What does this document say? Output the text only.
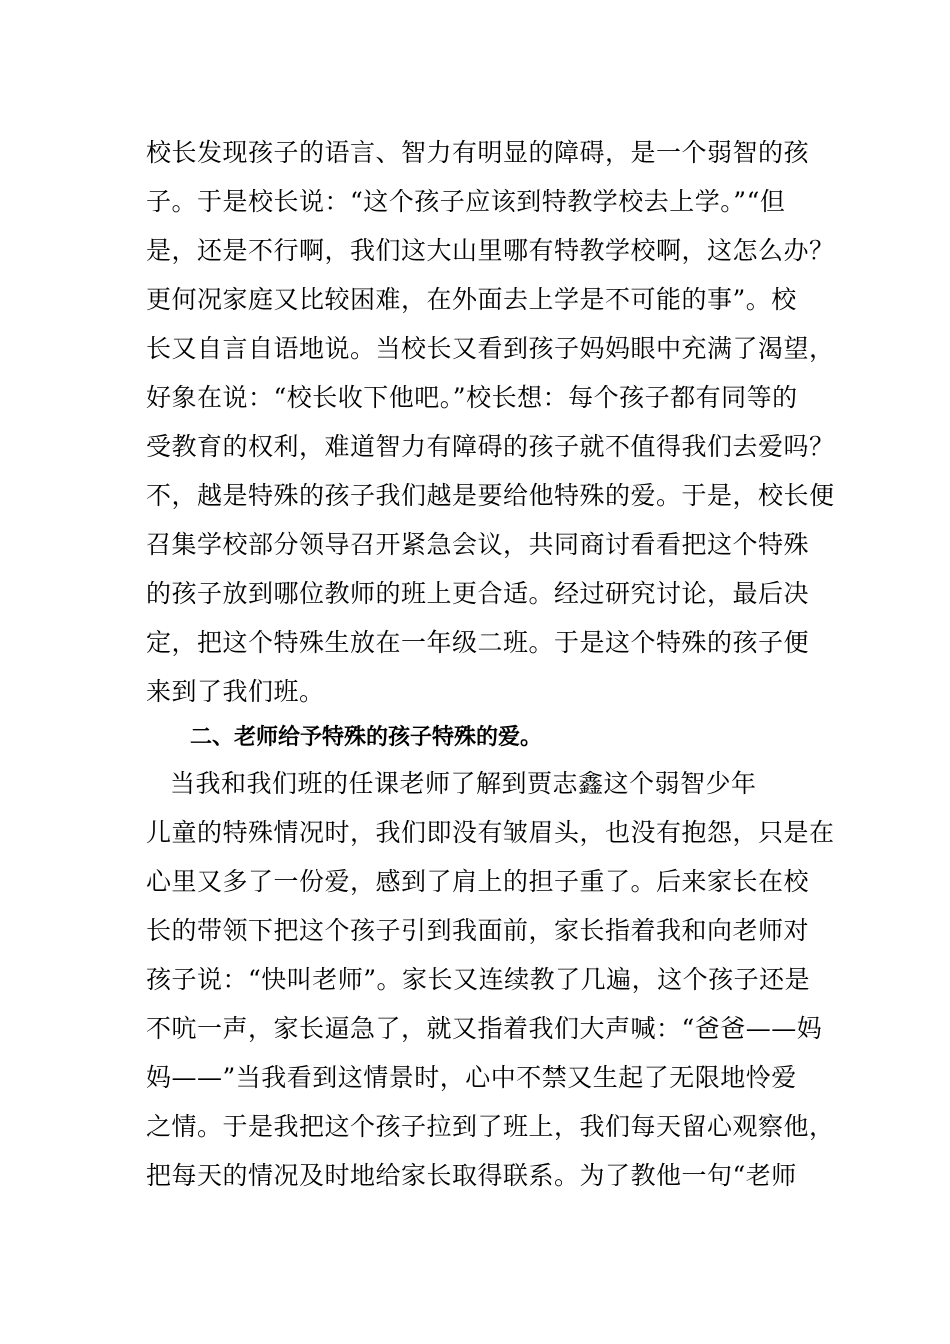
校长发现孩子的语言、智力有明显的障碍，是一个弱智的孩
子。于是校长说：“这个孩子应该到特教学校去上学。”“但
是，还是不行啊，我们这大山里哪有特教学校啊，这怎么办？
更何况家庭又比较困难，在外面去上学是不可能的事”。校
长又自言自语地说。当校长又看到孩子妈妈眼中充满了渴望，
好象在说：“校长收下他吧。”校长想：每个孩子都有同等的
受教育的权利，难道智力有障碍的孩子就不值得我们去爱吗？
不，越是特殊的孩子我们越是要给他特殊的爱。于是，校长便
召集学校部分领导召开紧急会议，共同商讨看看把这个特殊
的孩子放到哪位教师的班上更合适。经过研究讨论，最后决
定，把这个特殊生放在一年级二班。于是这个特殊的孩子便
来到了我们班。
二、老师给予特殊的孩子特殊的爱。
当我和我们班的任课老师了解到贾志鑫这个弱智少年
儿童的特殊情况时，我们即没有皱眉头，也没有抱怨，只是在
心里又多了一份爱，感到了肩上的担子重了。后来家长在校
长的带领下把这个孩子引到我面前，家长指着我和向老师对
孩子说：“快叫老师”。家长又连续教了几遍，这个孩子还是
不吭一声，家长逼急了，就又指着我们大声喊：“爸爸——妈
妈——”当我看到这情景时，心中不禁又生起了无限地怜爱
之情。于是我把这个孩子拉到了班上，我们每天留心观察他，
把每天的情况及时地给家长取得联系。为了教他一句“老师
